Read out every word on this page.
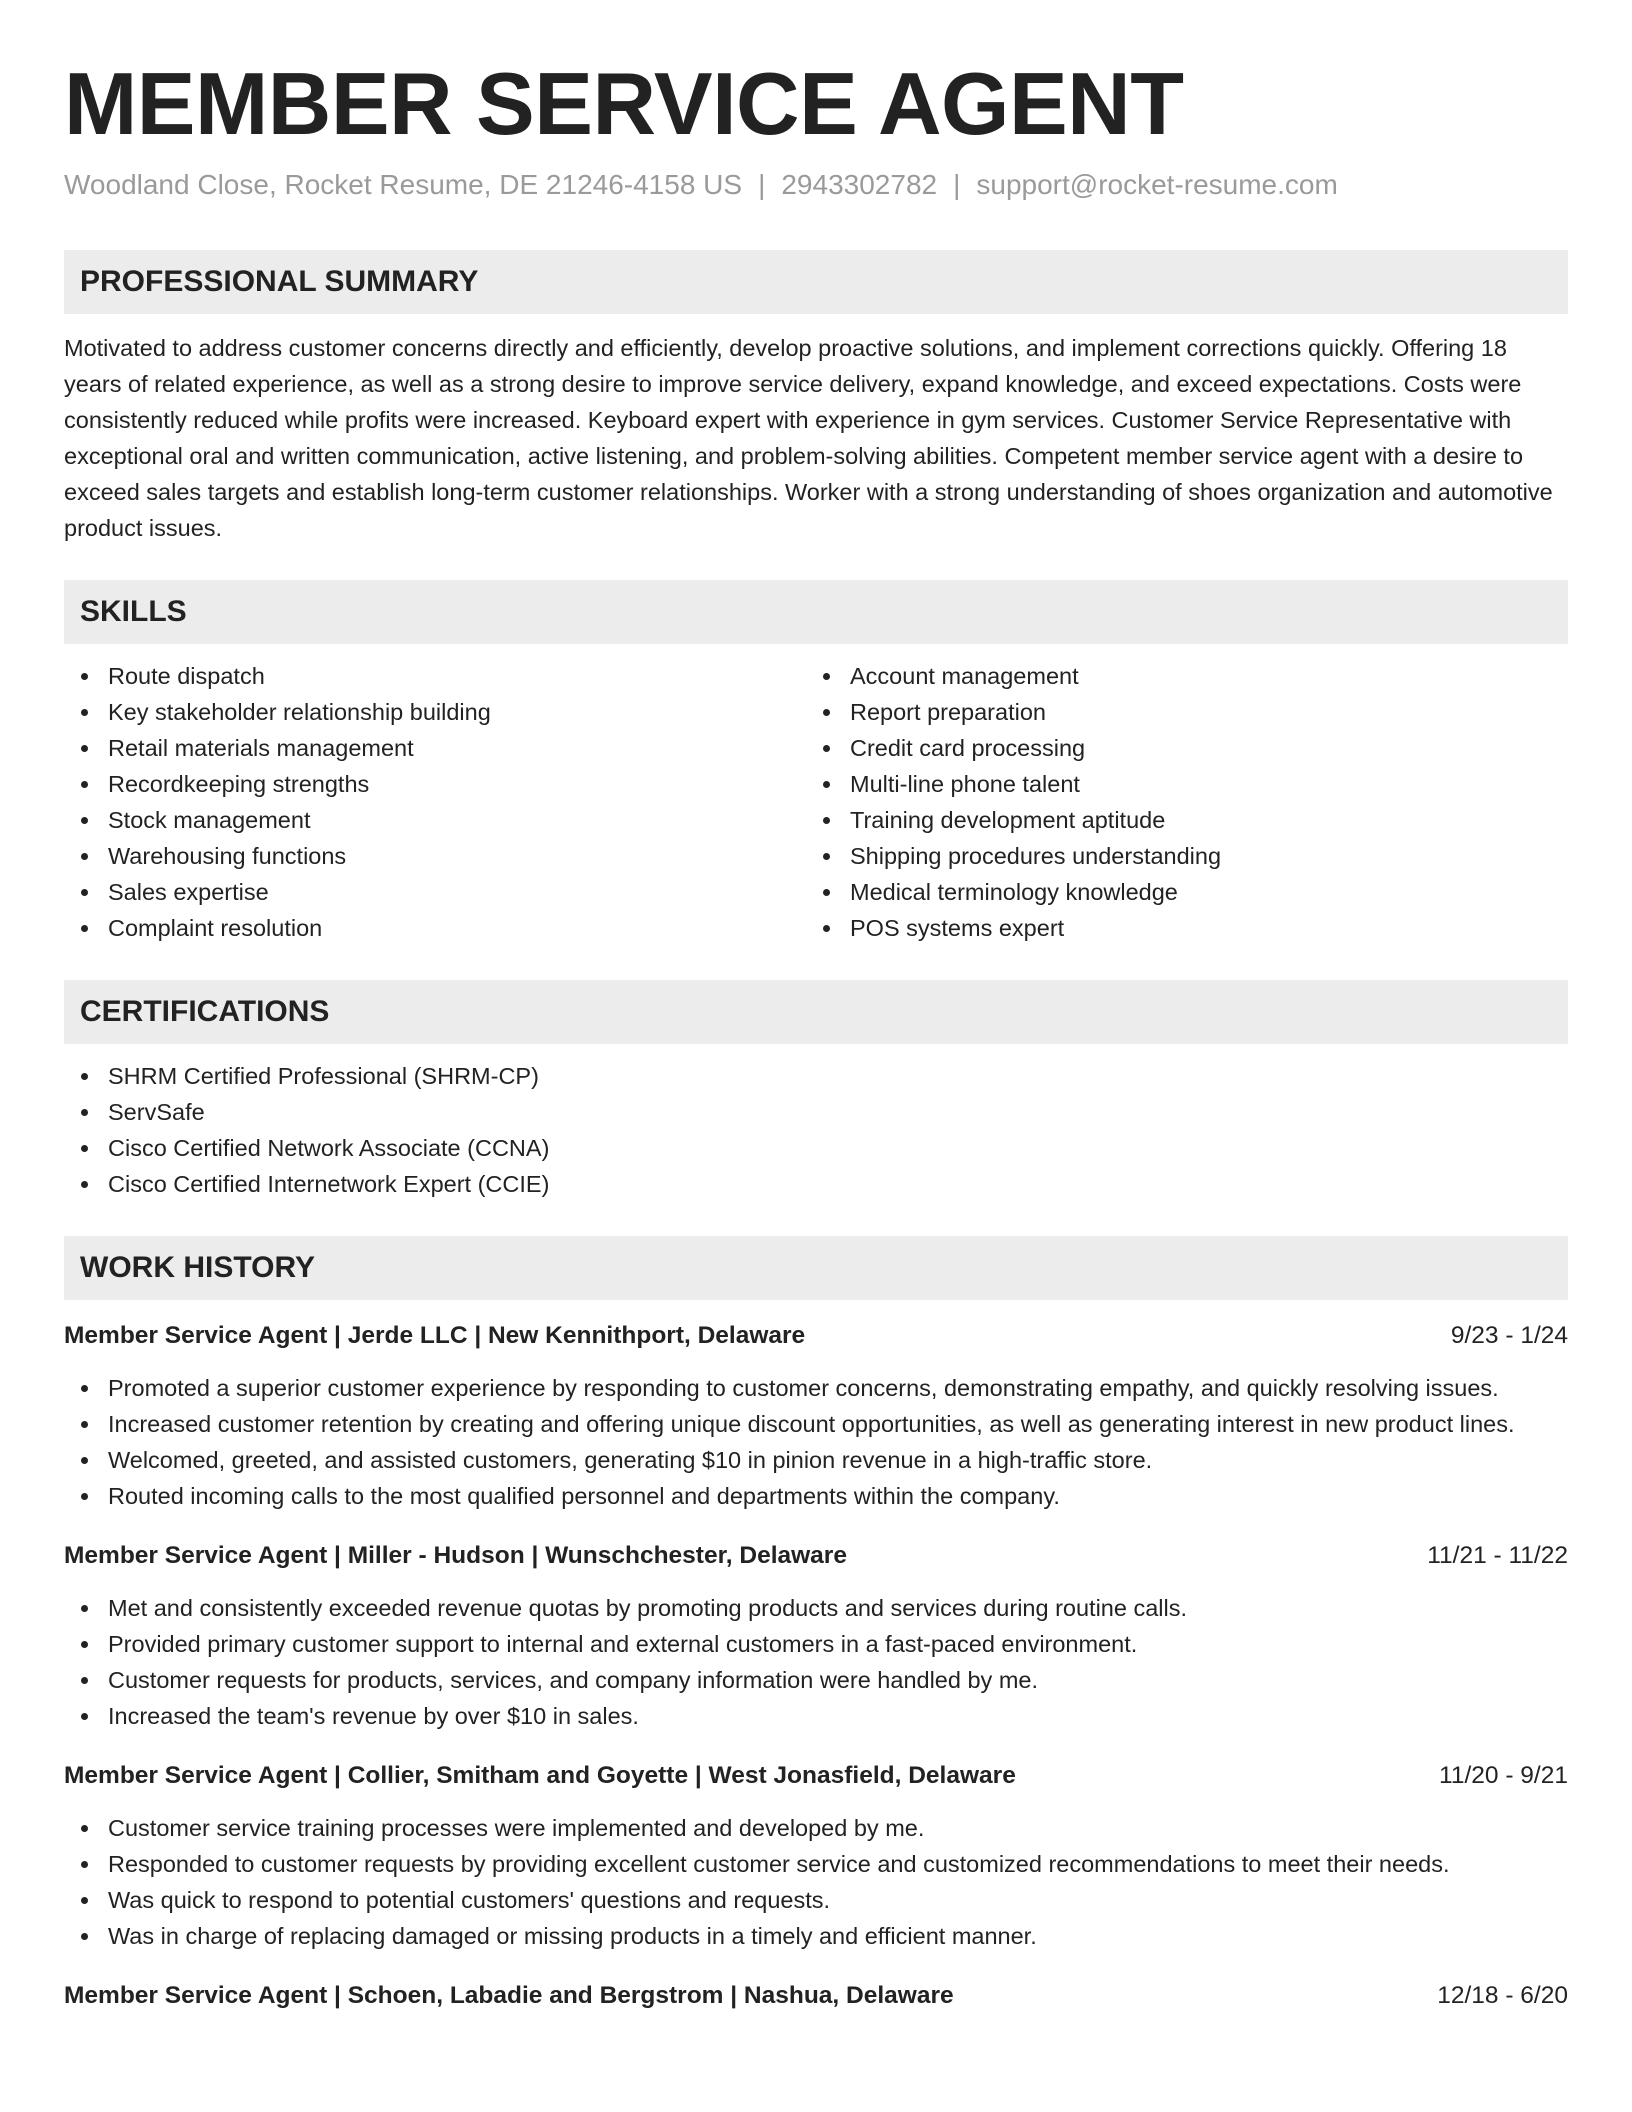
MEMBER SERVICE AGENT
Woodland Close, Rocket Resume, DE 21246-4158 US | 2943302782 | support@rocket-resume.com
PROFESSIONAL SUMMARY
Motivated to address customer concerns directly and efficiently, develop proactive solutions, and implement corrections quickly. Offering 18 years of related experience, as well as a strong desire to improve service delivery, expand knowledge, and exceed expectations. Costs were consistently reduced while profits were increased. Keyboard expert with experience in gym services. Customer Service Representative with exceptional oral and written communication, active listening, and problem-solving abilities. Competent member service agent with a desire to exceed sales targets and establish long-term customer relationships. Worker with a strong understanding of shoes organization and automotive product issues.
SKILLS
Route dispatch
Key stakeholder relationship building
Retail materials management
Recordkeeping strengths
Stock management
Warehousing functions
Sales expertise
Complaint resolution
Account management
Report preparation
Credit card processing
Multi-line phone talent
Training development aptitude
Shipping procedures understanding
Medical terminology knowledge
POS systems expert
CERTIFICATIONS
SHRM Certified Professional (SHRM-CP)
ServSafe
Cisco Certified Network Associate (CCNA)
Cisco Certified Internetwork Expert (CCIE)
WORK HISTORY
Member Service Agent | Jerde LLC | New Kennithport, Delaware	9/23 - 1/24
Promoted a superior customer experience by responding to customer concerns, demonstrating empathy, and quickly resolving issues.
Increased customer retention by creating and offering unique discount opportunities, as well as generating interest in new product lines.
Welcomed, greeted, and assisted customers, generating $10 in pinion revenue in a high-traffic store.
Routed incoming calls to the most qualified personnel and departments within the company.
Member Service Agent | Miller - Hudson | Wunschchester, Delaware	11/21 - 11/22
Met and consistently exceeded revenue quotas by promoting products and services during routine calls.
Provided primary customer support to internal and external customers in a fast-paced environment.
Customer requests for products, services, and company information were handled by me.
Increased the team's revenue by over $10 in sales.
Member Service Agent | Collier, Smitham and Goyette | West Jonasfield, Delaware	11/20 - 9/21
Customer service training processes were implemented and developed by me.
Responded to customer requests by providing excellent customer service and customized recommendations to meet their needs.
Was quick to respond to potential customers' questions and requests.
Was in charge of replacing damaged or missing products in a timely and efficient manner.
Member Service Agent | Schoen, Labadie and Bergstrom | Nashua, Delaware	12/18 - 6/20
